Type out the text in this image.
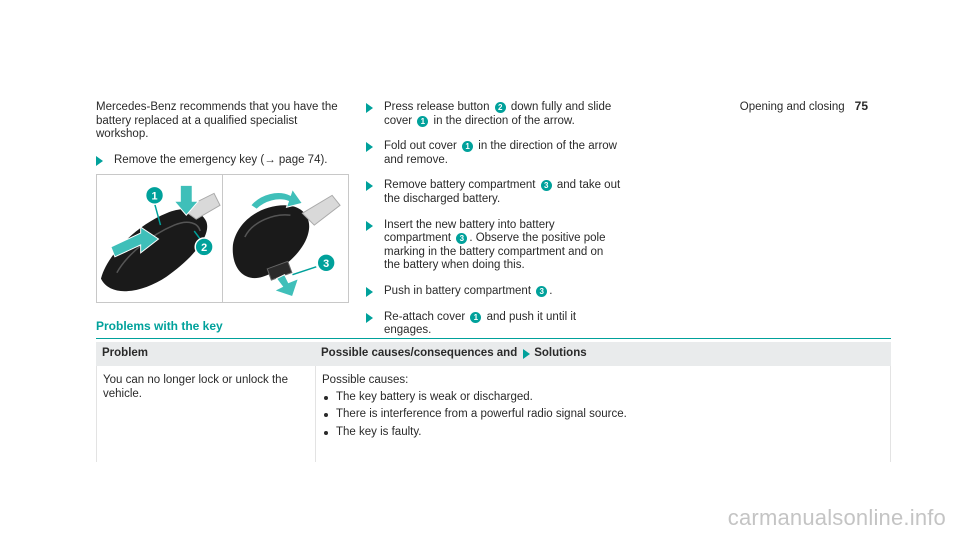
Opening and closing 75

Mercedes-Benz recommends that you have the battery replaced at a qualified specialist workshop.

Remove the emergency key (→ page 74).
1
2
3
Press release button 2 down fully and slide cover 1 in the direction of the arrow.
Fold out cover 1 in the direction of the arrow and remove.
Remove battery compartment 3 and take out the discharged battery.
Insert the new battery into battery compartment 3 . Observe the positive pole marking in the battery compartment and on the battery when doing this.
Push in battery compartment 3 .
Re-attach cover 1 and push it until it engages.
Problems with the key
Problem	Possible causes/consequences and Solutions
You can no longer lock or unlock the vehicle.
Possible causes:
The key battery is weak or discharged.
There is interference from a powerful radio signal source.
The key is faulty.
carmanualsonline.info
